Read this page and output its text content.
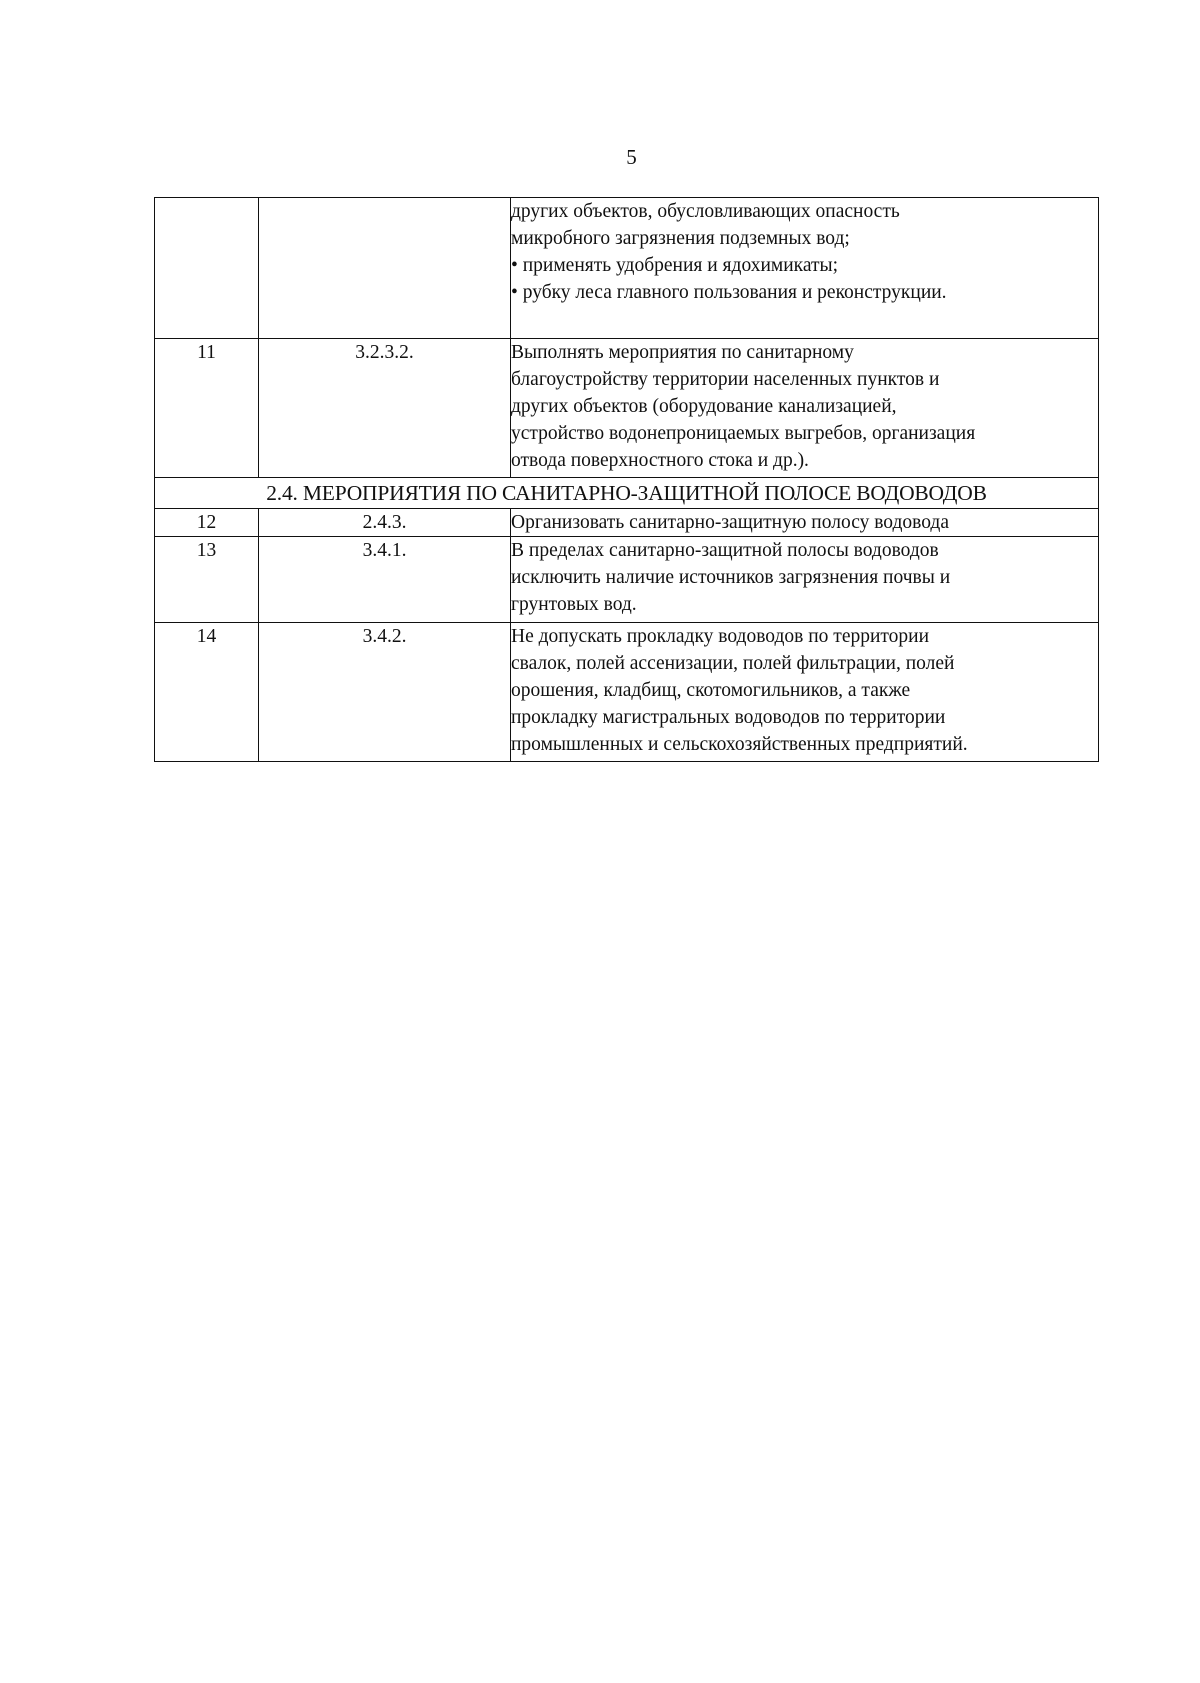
5

		других объектов, обусловливающих опасность
микробного загрязнения подземных вод;
• применять удобрения и ядохимикаты;
• рубку леса главного пользования и реконструкции.

11	3.2.3.2.	Выполнять мероприятия по санитарному
благоустройству территории населенных пунктов и
других объектов (оборудование канализацией,
устройство водонепроницаемых выгребов, организация
отвода поверхностного стока и др.).

2.4. МЕРОПРИЯТИЯ ПО САНИТАРНО-ЗАЩИТНОЙ ПОЛОСЕ ВОДОВОДОВ		
12	2.4.3.	Организовать санитарно-защитную полосу водовода

13	3.4.1.	В пределах санитарно-защитной полосы водоводов
исключить наличие источников загрязнения почвы и
грунтовых вод.

14	3.4.2.	Не допускать прокладку водоводов по территории
свалок, полей ассенизации, полей фильтрации, полей
орошения, кладбищ, скотомогильников, а также
прокладку магистральных водоводов по территории
промышленных и сельскохозяйственных предприятий.
